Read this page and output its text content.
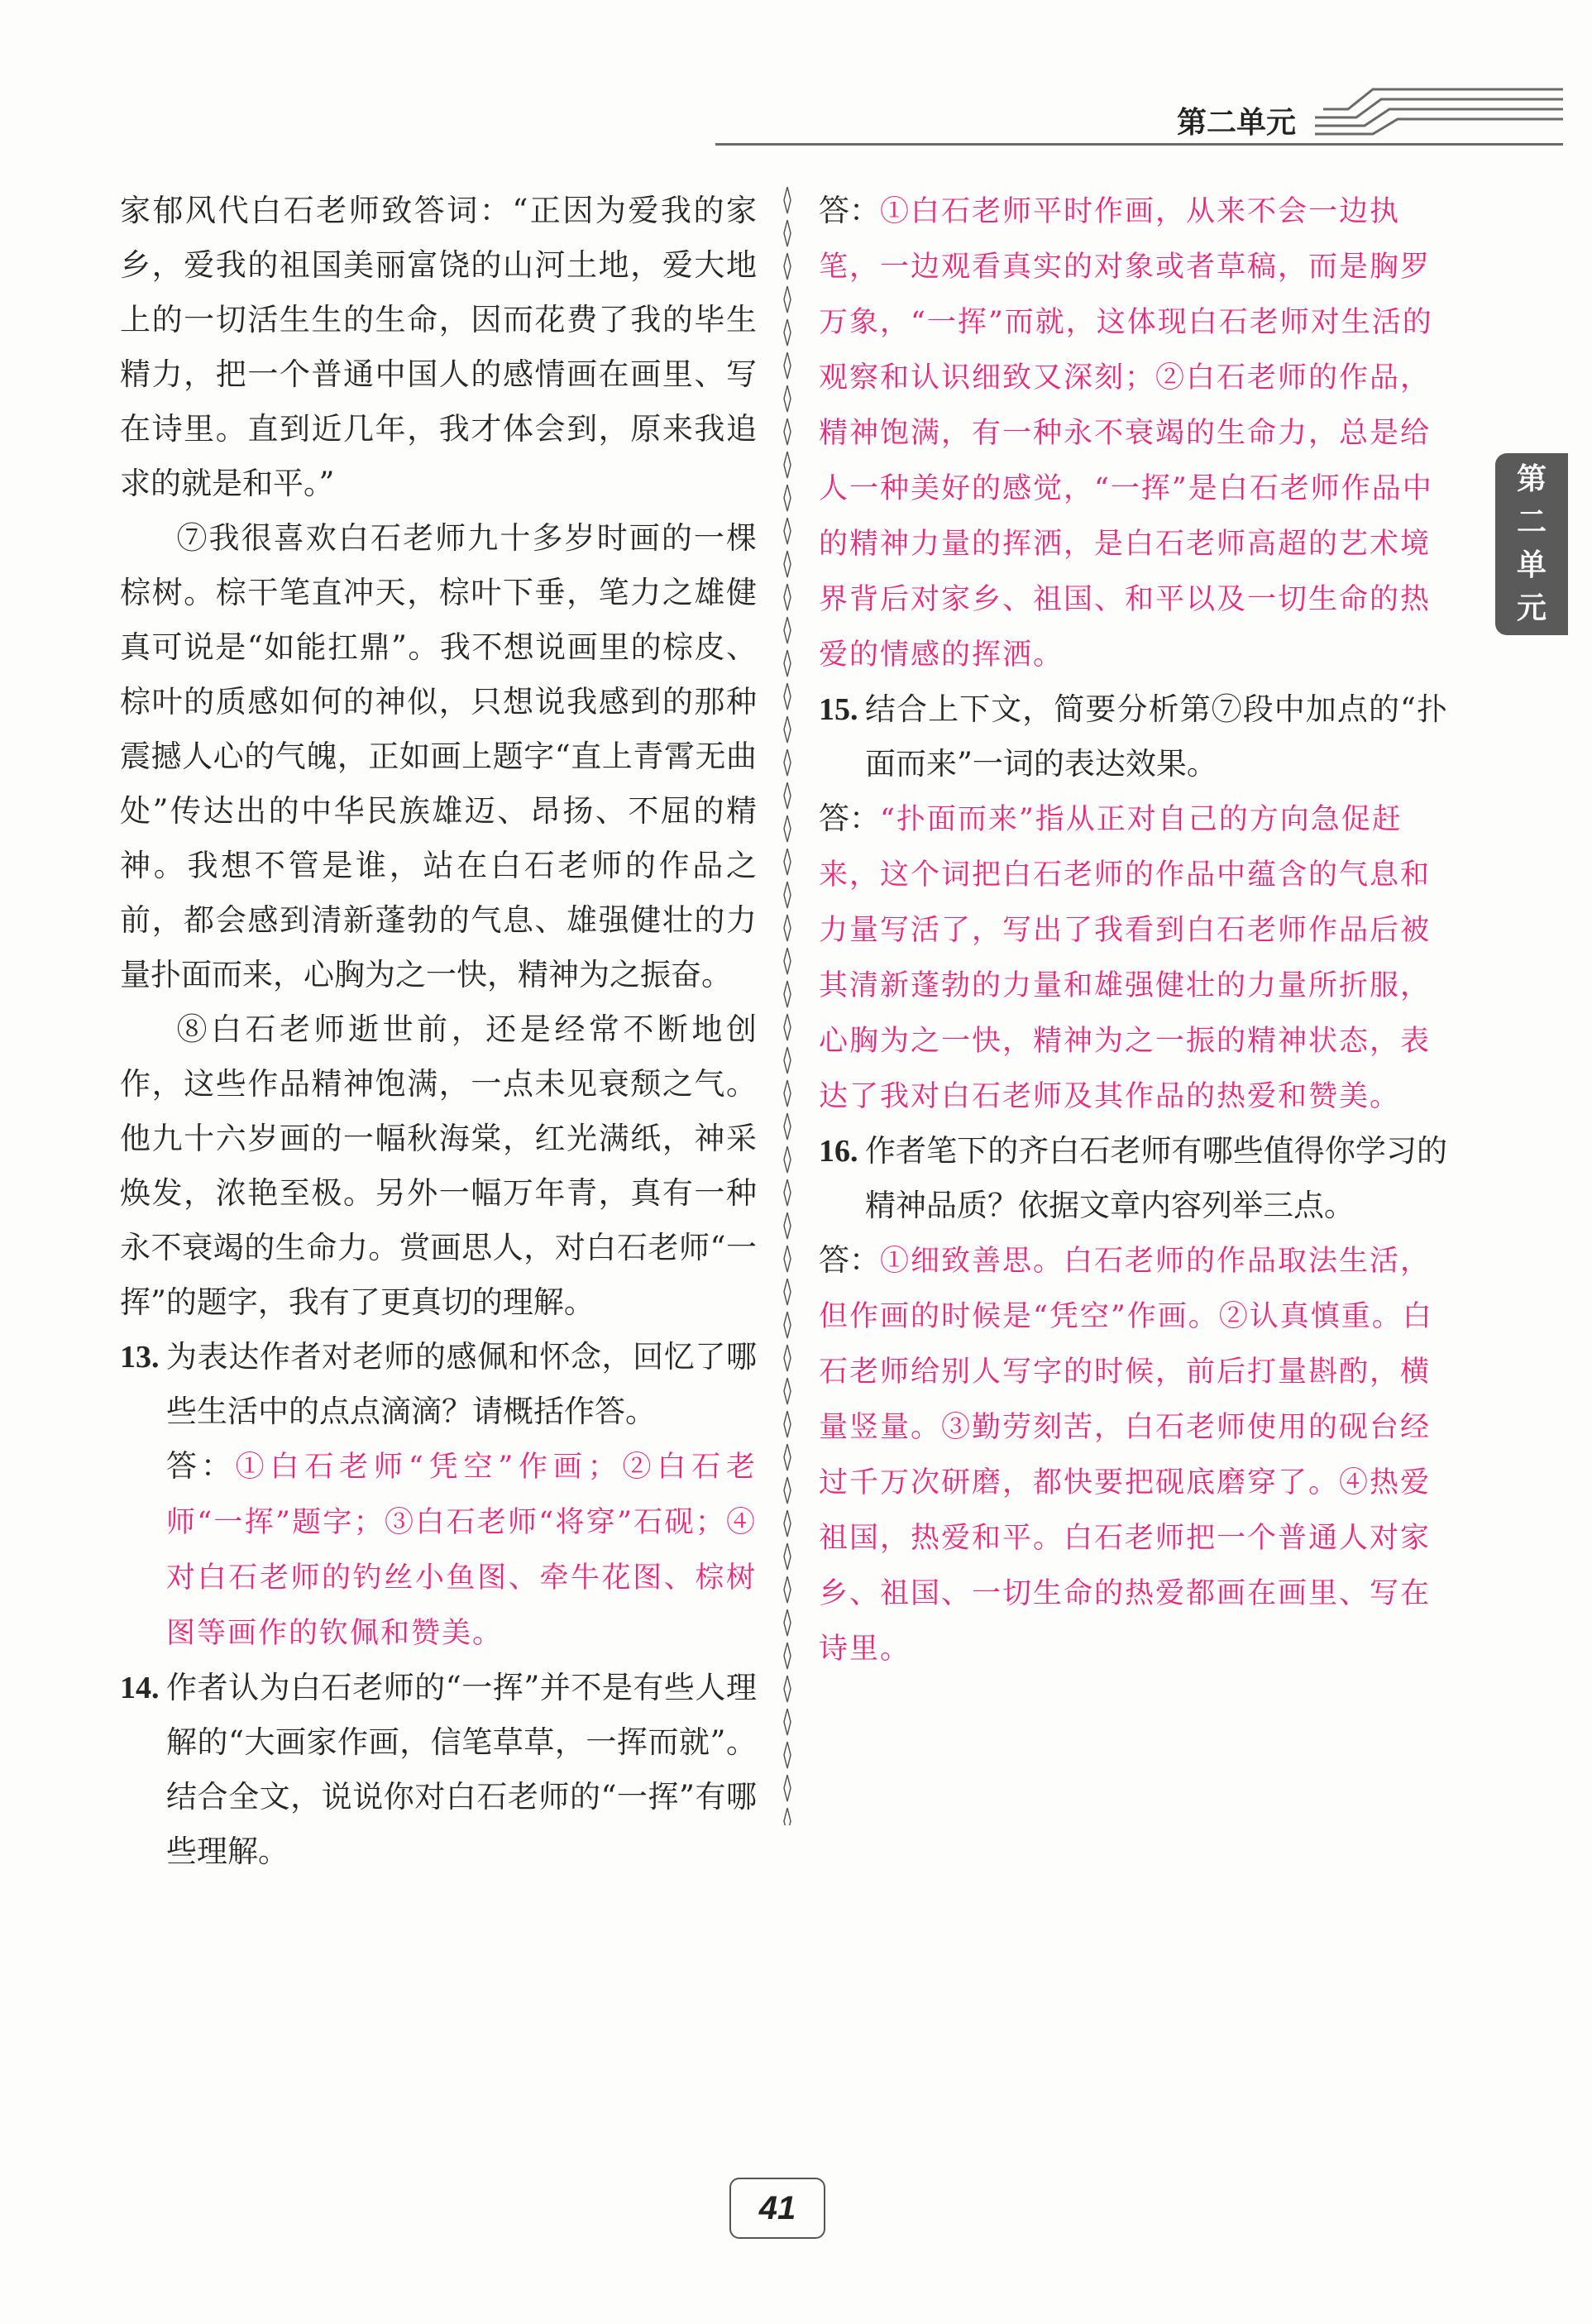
第二单元
第
二
单
元

家郁风代白石老师致答词：“正因为爱我的家乡，爱我的祖国美丽富饶的山河土地，爱大地上的一切活生生的生命，因而花费了我的毕生精力，把一个普通中国人的感情画在画里、写在诗里。直到近几年，我才体会到，原来我追求的就是和平。”

⑦我很喜欢白石老师九十多岁时画的一棵棕树。棕干笔直冲天，棕叶下垂，笔力之雄健真可说是“如能扛鼎”。我不想说画里的棕皮、棕叶的质感如何的神似，只想说我感到的那种震撼人心的气魄，正如画上题字“直上青霄无曲处”传达出的中华民族雄迈、昂扬、不屈的精神。我想不管是谁，站在白石老师的作品之前，都会感到清新蓬勃的气息、雄强健壮的力量扑面而来，心胸为之一快，精神为之振奋。

⑧白石老师逝世前，还是经常不断地创作，这些作品精神饱满，一点未见衰颓之气。他九十六岁画的一幅秋海棠，红光满纸，神采焕发，浓艳至极。另外一幅万年青，真有一种永不衰竭的生命力。赏画思人，对白石老师“一挥”的题字，我有了更真切的理解。

13. 为表达作者对老师的感佩和怀念，回忆了哪些生活中的点点滴滴？请概括作答。
答：①白石老师“凭空”作画；②白石老师“一挥”题字；③白石老师“将穿”石砚；④对白石老师的钓丝小鱼图、牵牛花图、棕树图等画作的钦佩和赞美。
14. 作者认为白石老师的“一挥”并不是有些人理解的“大画家作画，信笔草草，一挥而就”。结合全文，说说你对白石老师的“一挥”有哪些理解。
答：①白石老师平时作画，从来不会一边执笔，一边观看真实的对象或者草稿，而是胸罗万象，“一挥”而就，这体现白石老师对生活的观察和认识细致又深刻；②白石老师的作品，精神饱满，有一种永不衰竭的生命力，总是给人一种美好的感觉，“一挥”是白石老师作品中的精神力量的挥洒，是白石老师高超的艺术境界背后对家乡、祖国、和平以及一切生命的热爱的情感的挥洒。
15. 结合上下文，简要分析第⑦段中加点的“扑面而来”一词的表达效果。
答：“扑面而来”指从正对自己的方向急促赶来，这个词把白石老师的作品中蕴含的气息和力量写活了，写出了我看到白石老师作品后被其清新蓬勃的力量和雄强健壮的力量所折服，心胸为之一快，精神为之一振的精神状态，表达了我对白石老师及其作品的热爱和赞美。
16. 作者笔下的齐白石老师有哪些值得你学习的精神品质？依据文章内容列举三点。
答：①细致善思。白石老师的作品取法生活，但作画的时候是“凭空”作画。②认真慎重。白石老师给别人写字的时候，前后打量斟酌，横量竖量。③勤劳刻苦，白石老师使用的砚台经过千万次研磨，都快要把砚底磨穿了。④热爱祖国，热爱和平。白石老师把一个普通人对家乡、祖国、一切生命的热爱都画在画里、写在诗里。
41
